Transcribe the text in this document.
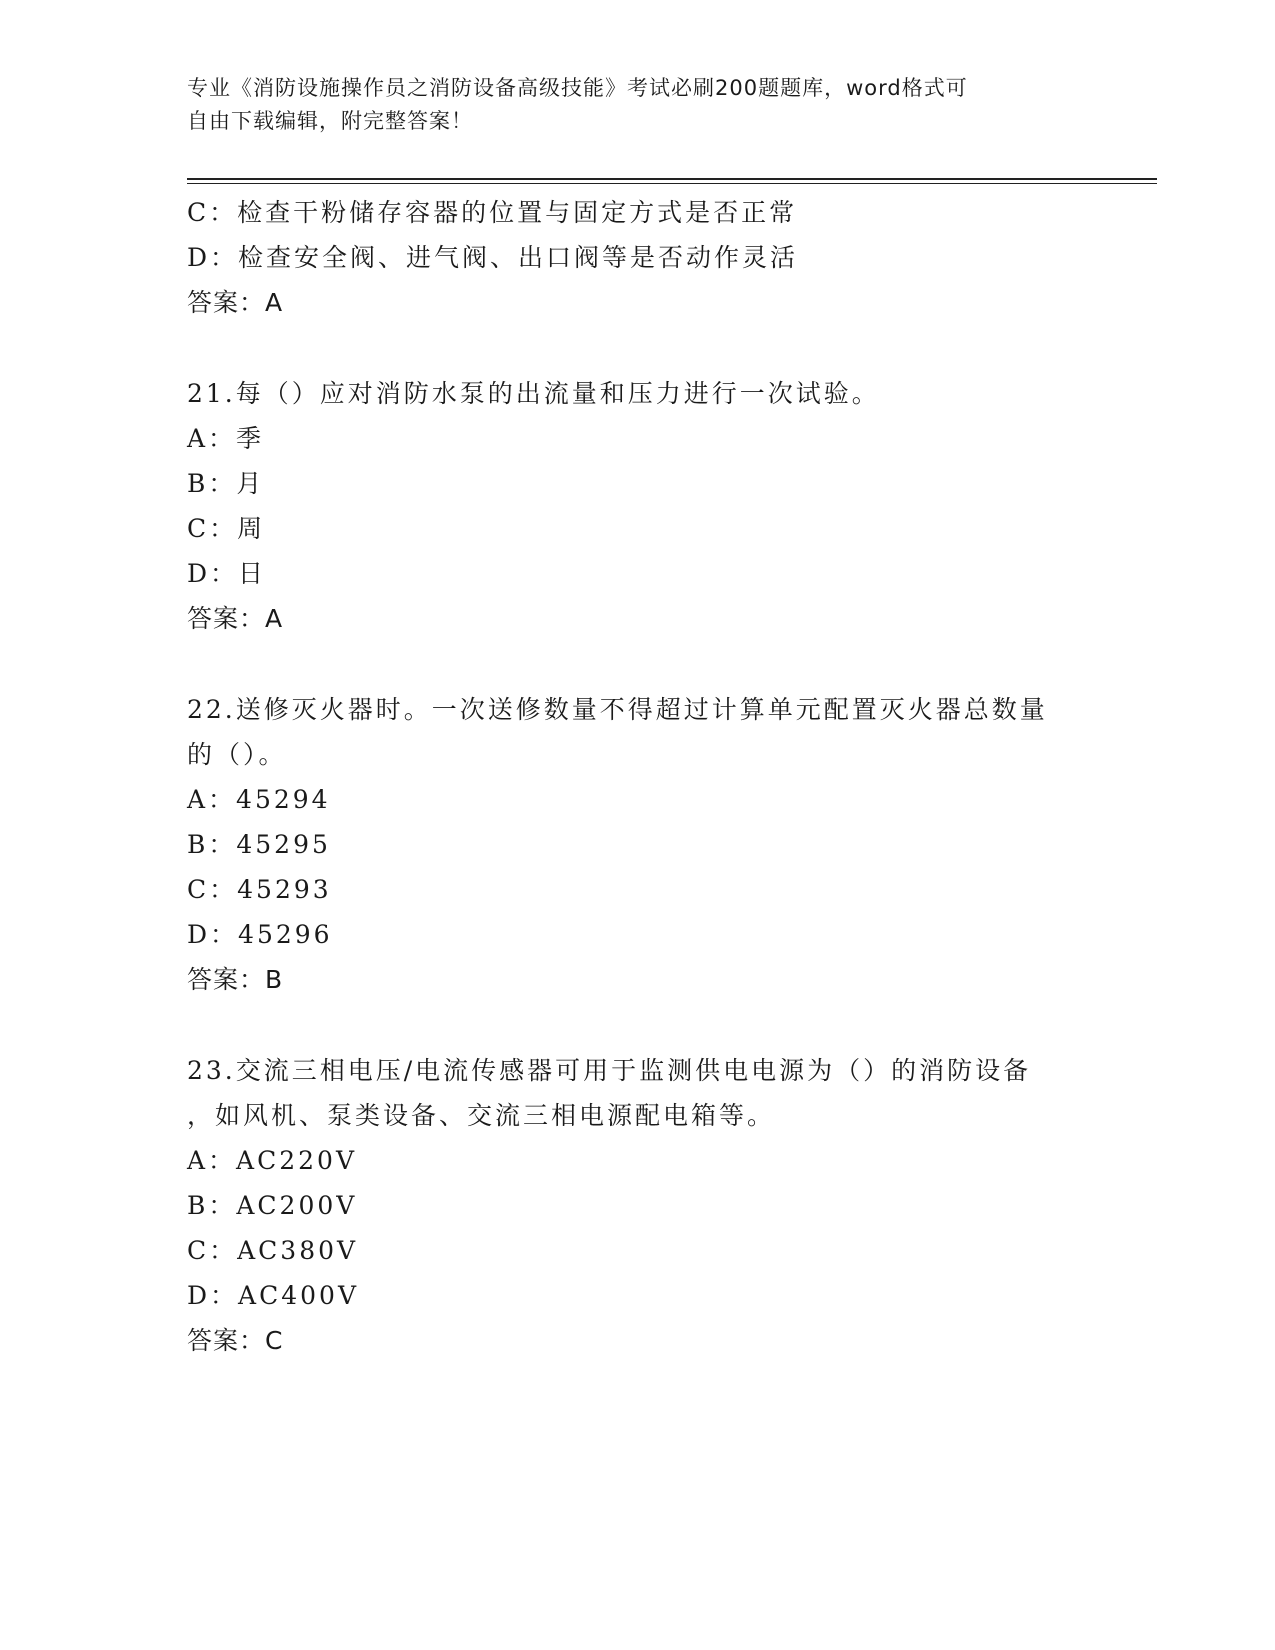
专业《消防设施操作员之消防设备高级技能》考试必刷200题题库，word格式可
自由下载编辑，附完整答案！
C：检查干粉储存容器的位置与固定方式是否正常
D：检查安全阀、进气阀、出口阀等是否动作灵活
答案：A
21.每（）应对消防水泵的出流量和压力进行一次试验。
A：季
B：月
C：周
D：日
答案：A
22.送修灭火器时。一次送修数量不得超过计算单元配置灭火器总数量
的（）。
A：45294
B：45295
C：45293
D：45296
答案：B
23.交流三相电压/电流传感器可用于监测供电电源为（）的消防设备
，如风机、泵类设备、交流三相电源配电箱等。
A：AC220V
B：AC200V
C：AC380V
D：AC400V
答案：C
